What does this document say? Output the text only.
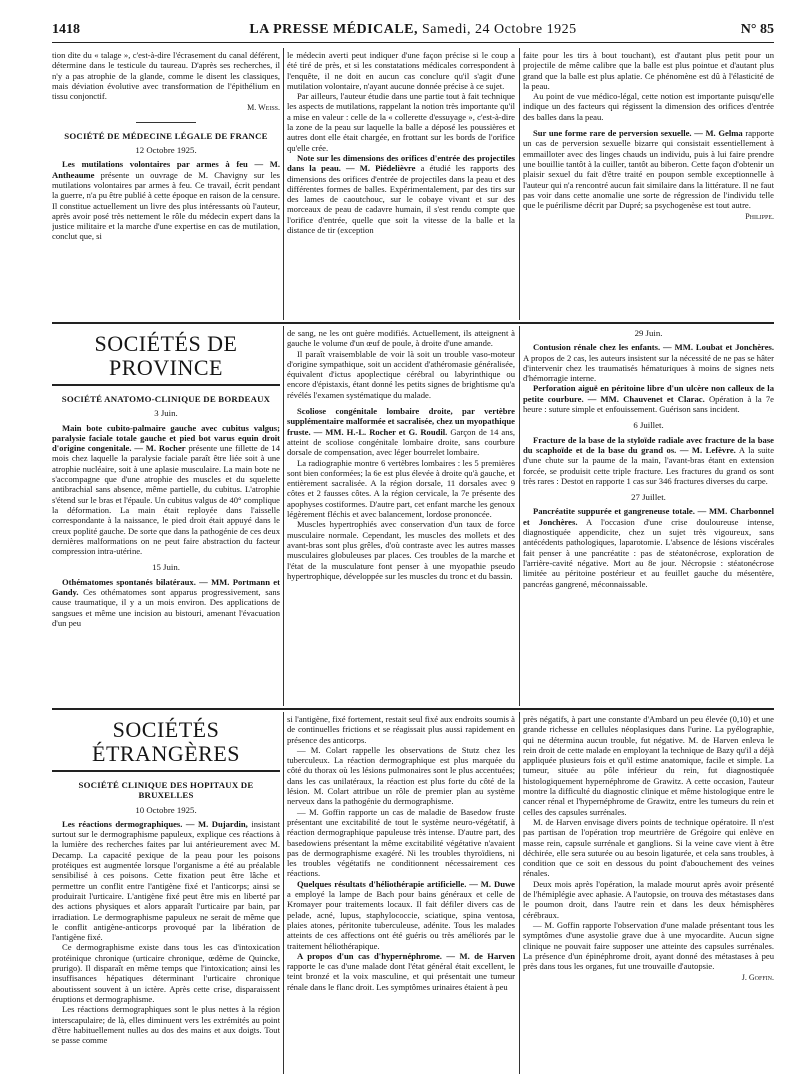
1418	LA PRESSE MÉDICALE, Samedi, 24 Octobre 1925	N° 85

tion dite du « talage », c'est-à-dire l'écrasement du canal déférent, détermine dans le testicule du taureau. D'après ses recherches, il n'y a pas atrophie de la glande, comme le disent les classiques, mais déviation évolutive avec transformation de l'épithélium en tissu conjonctif.

M. Weiss.
SOCIÉTÉ DE MÉDECINE LÉGALE DE FRANCE
12 Octobre 1925.

Les mutilations volontaires par armes à feu — M. Antheaume présente un ouvrage de M. Chavigny sur les mutilations volontaires par armes à feu. Ce travail, écrit pendant la guerre, n'a pu être publié à cette époque en raison de la censure. Il constitue actuellement un livre des plus intéressants où l'auteur, après avoir posé très nettement le rôle du médecin expert dans la justice militaire et la marche d'une expertise en cas de mutilation, conclut que, si

le médecin averti peut indiquer d'une façon précise si le coup a été tiré de près, et si les constatations médicales correspondent à l'enquête, il ne doit en aucun cas conclure qu'il s'agit d'une mutilation volontaire, n'ayant aucune donnée précise à ce sujet.

Par ailleurs, l'auteur étudie dans une partie tout à fait technique les aspects de mutilations, rappelant la notion très importante qu'il a mise en valeur : celle de la « collerette d'essuyage », c'est-à-dire la zone de la peau sur laquelle la balle a déposé les poussières et autres dont elle était chargée, en frottant sur les bords de l'orifice qu'elle crée.

Note sur les dimensions des orifices d'entrée des projectiles dans la peau. — M. Piédelièvre a étudié les rapports des dimensions des orifices d'entrée de projectiles dans la peau et des différentes formes de balles. Expérimentalement, par des tirs sur des lames de caoutchouc, sur le cobaye vivant et sur des morceaux de peau de cadavre humain, il s'est rendu compte que l'orifice d'entrée, quelle que soit la vitesse de la balle et la distance de tir (exception

faite pour les tirs à bout touchant), est d'autant plus petit pour un projectile de même calibre que la balle est plus pointue et d'autant plus grand que la balle est plus aplatie. Ce phénomène est dû à l'élasticité de la peau.

Au point de vue médico-légal, cette notion est importante puisqu'elle indique un des facteurs qui régissent la dimension des orifices d'entrée des balles dans la peau.

Sur une forme rare de perversion sexuelle. — M. Gelma rapporte un cas de perversion sexuelle bizarre qui consistait essentiellement à emmailloter avec des linges chauds un individu, puis à lui faire prendre une bouillie tantôt à la cuiller, tantôt au biberon. Cette façon d'obtenir un plaisir sexuel du fait d'être traité en poupon semble exceptionnelle à l'auteur qui n'a rencontré aucun fait similaire dans la littérature. Il ne faut pas voir dans cette anomalie une sorte de régression de l'individu telle que le puérilisme décrit par Dupré; sa psychogenèse est tout autre.

Philippe.
SOCIÉTÉS DE PROVINCE
SOCIÉTÉ ANATOMO-CLINIQUE DE BORDEAUX
3 Juin.

Main bote cubito-palmaire gauche avec cubitus valgus; paralysie faciale totale gauche et pied bot varus equin droit d'origine congenitale. — M. Rocher présente une fillette de 14 mois chez laquelle la paralysie faciale paraît être liée soit à une atrophie nucléaire, soit à une aplasie musculaire. La main bote ne s'accompagne que d'une atrophie des muscles et du squelette antibrachial sans absence, même partielle, du cubitus. L'atrophie s'étend sur le bras et l'épaule. Un cubitus valgus de 40° complique la déformation. La main était reployée dans l'aisselle correspondante à la naissance, le pied droit était appuyé dans le creux poplité gauche. De sorte que dans la pathogénie de ces deux dernières malformations on ne peut faire abstraction du facteur compression intra-utérine.

15 Juin.

Othématomes spontanés bilatéraux. — MM. Portmann et Gandy. Ces othématomes sont apparus progressivement, sans cause traumatique, il y a un mois environ. Des applications de sangsues et même une incision au bistouri, amenant l'évacuation d'un peu

de sang, ne les ont guère modifiés. Actuellement, ils atteignent à gauche le volume d'un œuf de poule, à droite d'une amande.

Il paraît vraisemblable de voir là soit un trouble vaso-moteur d'origine sympathique, soit un accident d'athéromasie généralisée, équivalent d'ictus apoplectique cérébral ou labyrinthique ou encore d'épistaxis, étant donné les petits signes de brightisme qu'a révélés l'examen systématique du malade.

Scoliose congénitale lombaire droite, par vertèbre supplémentaire malformée et sacralisée, chez un myopathique fruste. — MM. H.-L. Rocher et G. Roudil. Garçon de 14 ans, atteint de scoliose congénitale lombaire droite, sans courbure dorsale de compensation, avec léger bourrelet lombaire.

La radiographie montre 6 vertèbres lombaires : les 5 premières sont bien conformées; la 6e est plus élevée à droite qu'à gauche, et entièrement sacralisée. A la région dorsale, 11 dorsales avec 9 côtes et 2 fausses côtes. A la région cervicale, la 7e présente des apophyses costiformes. D'autre part, cet enfant marche les genoux légèrement fléchis et avec balancement, lordose prononcée.

Muscles hypertrophiés avec conservation d'un taux de force musculaire normale. Cependant, les muscles des mollets et des avant-bras sont plus grêles, d'où contraste avec les autres masses musculaires globuleuses par places. Ces troubles de la marche et l'état de la musculature font penser à une myopathie pseudo hypertrophique, développée sur les muscles du tronc et du bassin.

29 Juin.

Contusion rénale chez les enfants. — MM. Loubat et Jonchères. A propos de 2 cas, les auteurs insistent sur la nécessité de ne pas se hâter d'intervenir chez les traumatisés hématuriques à moins de signes nets d'hémorragie interne.

Perforation aiguë en péritoine libre d'un ulcère non calleux de la petite courbure. — MM. Chauvenet et Clarac. Opération à la 7e heure : suture simple et enfouissement. Guérison sans incident.

6 Juillet.

Fracture de la base de la styloïde radiale avec fracture de la base du scaphoïde et de la base du grand os. — M. Lefèvre. A la suite d'une chute sur la paume de la main, l'avant-bras étant en extension forcée, se produisit cette triple fracture. Les fractures du grand os sont très rares : Destot en rapporte 1 cas sur 346 fractures diverses du carpe.

27 Juillet.

Pancréatite suppurée et gangreneuse totale. — MM. Charbonnel et Jonchères. A l'occasion d'une crise douloureuse intense, diagnostiquée appendicite, chez un sujet très vigoureux, sans antécédents pathologiques, laparotomie. L'absence de lésions viscérales fait penser à une pancréatite : pas de stéatonécrose, exploration de l'arrière-cavité négative. Mort au 8e jour. Nécropsie : stéatonécrose limitée au péritoine postérieur et au feuillet gauche du mésentère, pancréas gangrené, méconnaissable.

SOCIÉTÉS ÉTRANGÈRES
SOCIÉTÉ CLINIQUE DES HOPITAUX DE BRUXELLES
10 Octobre 1925.

Les réactions dermographiques. — M. Dujardin, insistant surtout sur le dermographisme papuleux, explique ces réactions à la lumière des recherches faites par lui antérieurement avec M. Decamp. La capacité pexique de la peau pour les poisons protéiques est augmentée lorsque l'organisme a été au préalable sensibilisé à ces poisons. Cette fixation peut être lâche et permettre un conflit entre l'antigène fixé et l'anticorps; ainsi se produirait l'urticaire. L'antigène fixé peut être mis en liberté par des actions physiques et alors apparaît l'urticaire par bain, par irradiation. Le dermographisme papuleux ne serait de même que le conflit antigène-anticorps provoqué par la libération de l'antigène fixé.

Ce dermographisme existe dans tous les cas d'intoxication protéinique chronique (urticaire chronique, œdème de Quincke, prurigo). Il disparaît en même temps que l'intoxication; ainsi les insuffisances hépatiques déterminant l'urticaire chronique aboutissent souvent à un ictère. Après cette crise, disparaissent éruptions et dermographisme.

Les réactions dermographiques sont le plus nettes à la région interscapulaire; de là, elles diminuent vers les extrémités au point d'être habituellement nulles au dos des mains et aux doigts. Tout se passe comme

si l'antigène, fixé fortement, restait seul fixé aux endroits soumis à de continuelles frictions et se réagissait plus aussi rapidement en présence des anticorps.

— M. Colart rappelle les observations de Stutz chez les tuberculeux. La réaction dermographique est plus marquée du côté du thorax où les lésions pulmonaires sont le plus accentuées; dans les cas unilatéraux, la réaction est plus forte du côté de la lésion. M. Colart attribue un rôle de premier plan au système nerveux dans la pathogénie du dermographisme.

— M. Goffin rapporte un cas de maladie de Basedow fruste présentant une excitabilité de tout le système neuro-végétatif, à réaction dermographique papuleuse très intense. D'autre part, des basedowiens présentant la même excitabilité végétative n'avaient pas de dermographisme exagéré. Ni les troubles thyroïdiens, ni les troubles végétatifs ne conditionnent nécessairement ces réactions.

Quelques résultats d'héliothérapie artificielle. — M. Duwe a employé la lampe de Bach pour bains généraux et celle de Kromayer pour traitements locaux. Il fait défiler divers cas de pelade, acné, lupus, staphylococcie, sciatique, spina ventosa, plaies atones, péritonite tuberculeuse, adénite. Tous les malades atteints de ces affections ont été guéris ou très améliorés par le traitement héliothérapique.

A propos d'un cas d'hypernéphrome. — M. de Harven rapporte le cas d'une malade dont l'état général était excellent, le teint bronzé et la voix masculine, et qui présentait une tumeur rénale dans le flanc droit. Les symptômes urinaires étaient à peu

près négatifs, à part une constante d'Ambard un peu élevée (0,10) et une grande richesse en cellules néoplasiques dans l'urine. La pyélographie, qui ne détermina aucun trouble, fut négative. M. de Harven enleva le rein droit de cette malade en employant la technique de Bazy qu'il a déjà appliquée plusieurs fois et qu'il estime anatomique, facile et simple. La tumeur, située au pôle inférieur du rein, fut diagnostiquée histologiquement hypernéphrome de Grawitz. A cette occasion, l'auteur montre la difficulté du diagnostic clinique et même histologique entre le cancer rénal et l'hypernéphrome de Grawitz, entre les tumeurs du rein et celles des capsules surrénales.

M. de Harven envisage divers points de technique opératoire. Il n'est pas partisan de l'opération trop meurtrière de Grégoire qui enlève en masse rein, capsule surrénale et ganglions. Si la veine cave vient à être déchirée, elle sera suturée ou au besoin ligaturée, et cela sans troubles, à condition que ce soit en dessous du point d'abouchement des veines rénales.

Deux mois après l'opération, la malade mourut après avoir présenté de l'hémiplégie avec aphasie. A l'autopsie, on trouva des métastases dans le poumon droit, dans l'autre rein et dans les deux hémisphères cérébraux.

— M. Goffin rapporte l'observation d'une malade présentant tous les symptômes d'une asystolie grave due à une myocardite. Aucun signe clinique ne pouvait faire supposer une atteinte des capsules surrénales. La présence d'un épinéphrome droit, ayant donné des métastases à peu près dans tous les organes, fut une trouvaille d'autopsie.

J. Goffin.
